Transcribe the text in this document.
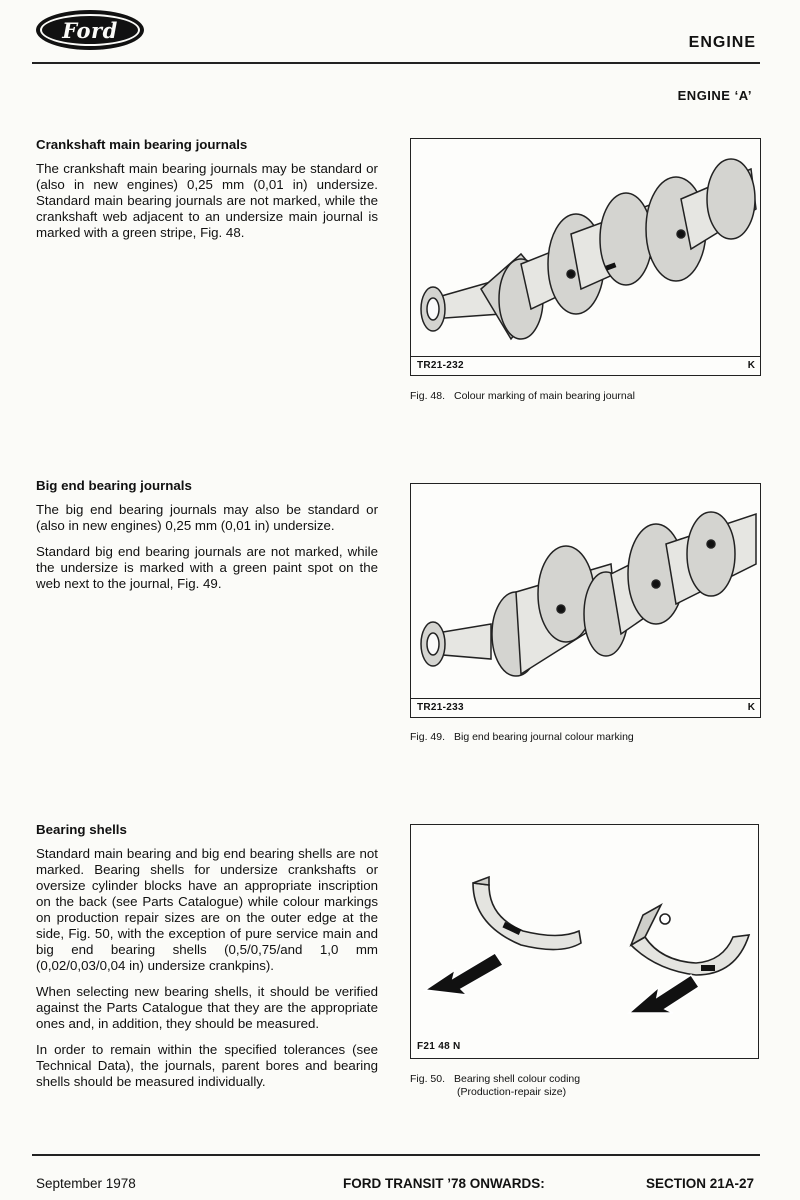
Ford	ENGINE
ENGINE ‘A’
Crankshaft main bearing journals

The crankshaft main bearing journals may be standard or (also in new engines) 0,25 mm (0,01 in) undersize. Standard main bearing journals are not marked, while the crankshaft web adjacent to an undersize main journal is marked with a green stripe, Fig. 48.

Big end bearing journals

The big end bearing journals may also be standard or (also in new engines) 0,25 mm (0,01 in) undersize.

Standard big end bearing journals are not marked, while the undersize is marked with a green paint spot on the web next to the journal, Fig. 49.

Bearing shells

Standard main bearing and big end bearing shells are not marked. Bearing shells for undersize crankshafts or oversize cylinder blocks have an appropriate inscription on the back (see Parts Catalogue) while colour markings on production repair sizes are on the outer edge at the side, Fig. 50, with the exception of pure service main and big end bearing shells (0,5/0,75/and 1,0 mm (0,02/0,03/0,04 in) undersize crankpins).

When selecting new bearing shells, it should be verified against the Parts Catalogue that they are the appropriate ones and, in addition, they should be measured.

In order to remain within the specified tolerances (see Technical Data), the journals, parent bores and bearing shells should be measured individually.

TR21-232	K
Fig. 48. Colour marking of main bearing journal
TR21-233	K
Fig. 49. Big end bearing journal colour marking
F21 48 N
Fig. 50. Bearing shell colour coding
(Production-repair size)
September 1978	FORD TRANSIT ’78 ONWARDS:	SECTION 21A-27
